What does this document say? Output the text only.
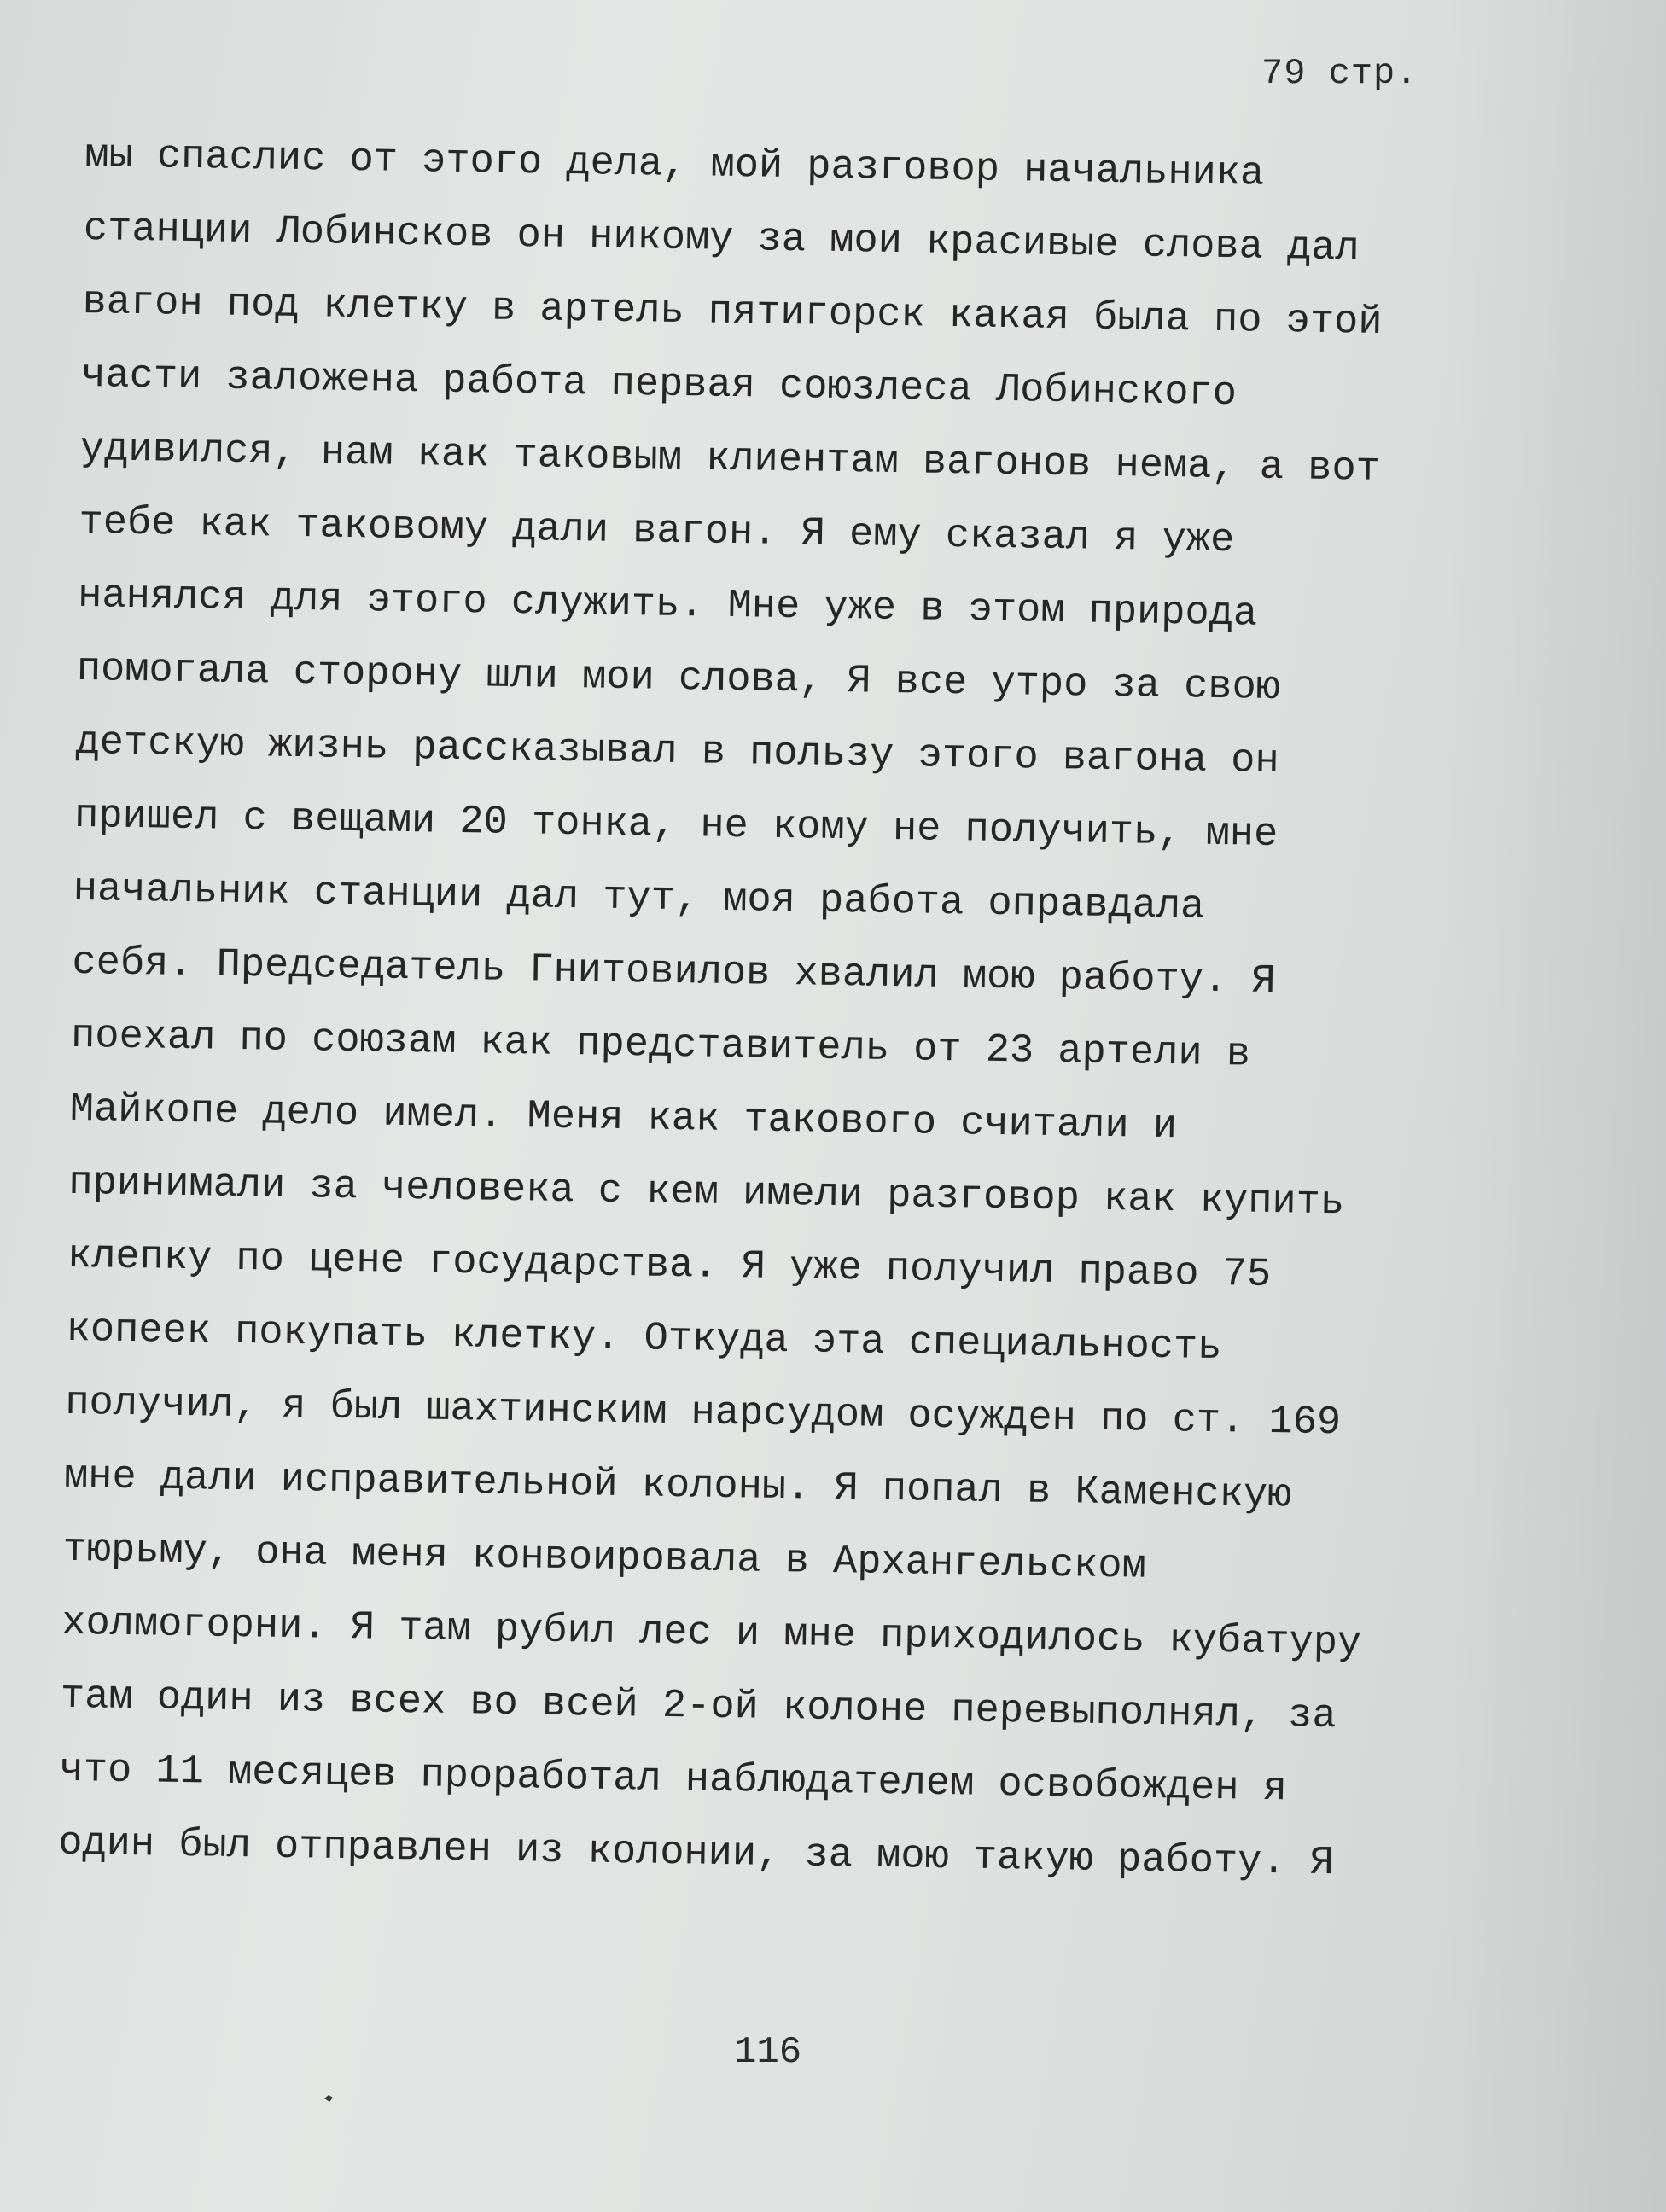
79 стр.
мы спаслис от этого дела, мой разговор начальника
станции Лобинсков он никому за мои красивые слова дал
вагон под клетку в артель пятигорск какая была по этой
части заложена работа первая союзлеса Лобинского
удивился, нам как таковым клиентам вагонов нема, а вот
тебе как таковому дали вагон. Я ему сказал я уже
нанялся для этого служить. Мне уже в этом природа
помогала сторону шли мои слова, Я все утро за свою
детскую жизнь рассказывал в пользу этого вагона он
пришел с вещами 20 тонка, не кому не получить, мне
начальник станции дал тут, моя работа оправдала
себя. Председатель Гнитовилов хвалил мою работу. Я
поехал по союзам как представитель от 23 артели в
Майкопе дело имел. Меня как такового считали и
принимали за человека с кем имели разговор как купить
клепку по цене государства. Я уже получил право 75
копеек покупать клетку. Откуда эта специальность
получил, я был шахтинским нарсудом осужден по ст. 169
мне дали исправительной колоны. Я попал в Каменскую
тюрьму, она меня конвоировала в Архангельском
холмогорни. Я там рубил лес и мне приходилось кубатуру
там один из всех во всей 2-ой колоне перевыполнял, за
что 11 месяцев проработал наблюдателем освобожден я
один был отправлен из колонии, за мою такую работу. Я
116
